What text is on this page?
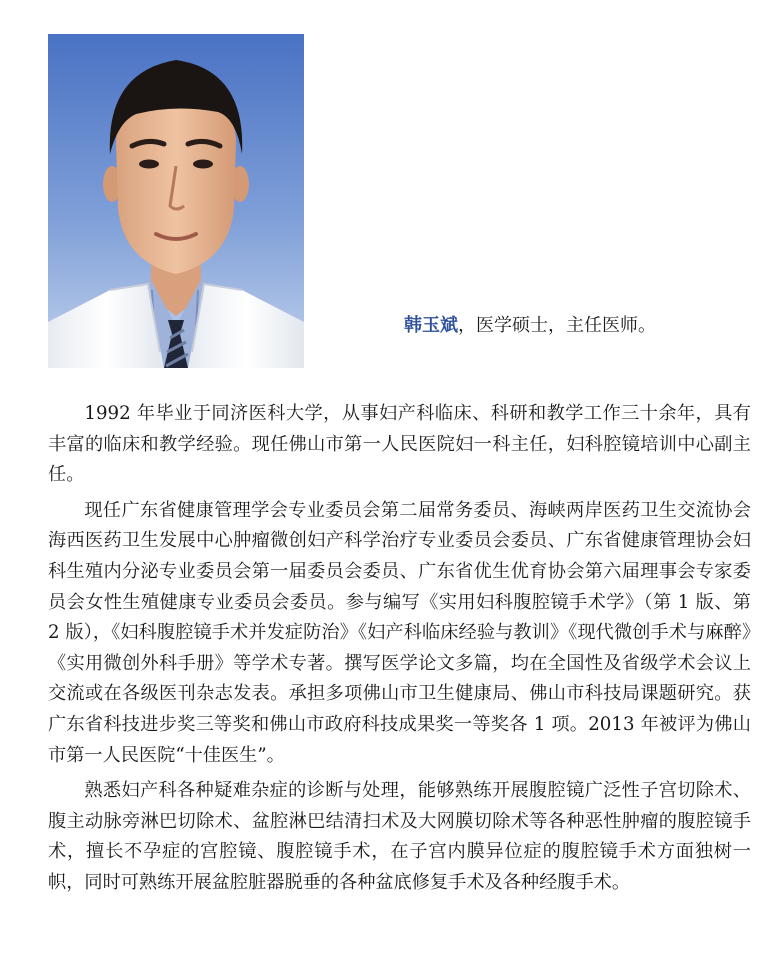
韩玉斌，医学硕士，主任医师。

1992 年毕业于同济医科大学，从事妇产科临床、科研和教学工作三十余年，具有丰富的临床和教学经验。现任佛山市第一人民医院妇一科主任，妇科腔镜培训中心副主任。

现任广东省健康管理学会专业委员会第二届常务委员、海峡两岸医药卫生交流协会海西医药卫生发展中心肿瘤微创妇产科学治疗专业委员会委员、广东省健康管理协会妇科生殖内分泌专业委员会第一届委员会委员、广东省优生优育协会第六届理事会专家委员会女性生殖健康专业委员会委员。参与编写《实用妇科腹腔镜手术学》（第 1 版、第 2 版），《妇科腹腔镜手术并发症防治》《妇产科临床经验与教训》《现代微创手术与麻醉》《实用微创外科手册》等学术专著。撰写医学论文多篇，均在全国性及省级学术会议上交流或在各级医刊杂志发表。承担多项佛山市卫生健康局、佛山市科技局课题研究。获广东省科技进步奖三等奖和佛山市政府科技成果奖一等奖各 1 项。2013 年被评为佛山市第一人民医院“十佳医生”。

熟悉妇产科各种疑难杂症的诊断与处理，能够熟练开展腹腔镜广泛性子宫切除术、腹主动脉旁淋巴切除术、盆腔淋巴结清扫术及大网膜切除术等各种恶性肿瘤的腹腔镜手术，擅长不孕症的宫腔镜、腹腔镜手术，在子宫内膜异位症的腹腔镜手术方面独树一帜，同时可熟练开展盆腔脏器脱垂的各种盆底修复手术及各种经腹手术。
